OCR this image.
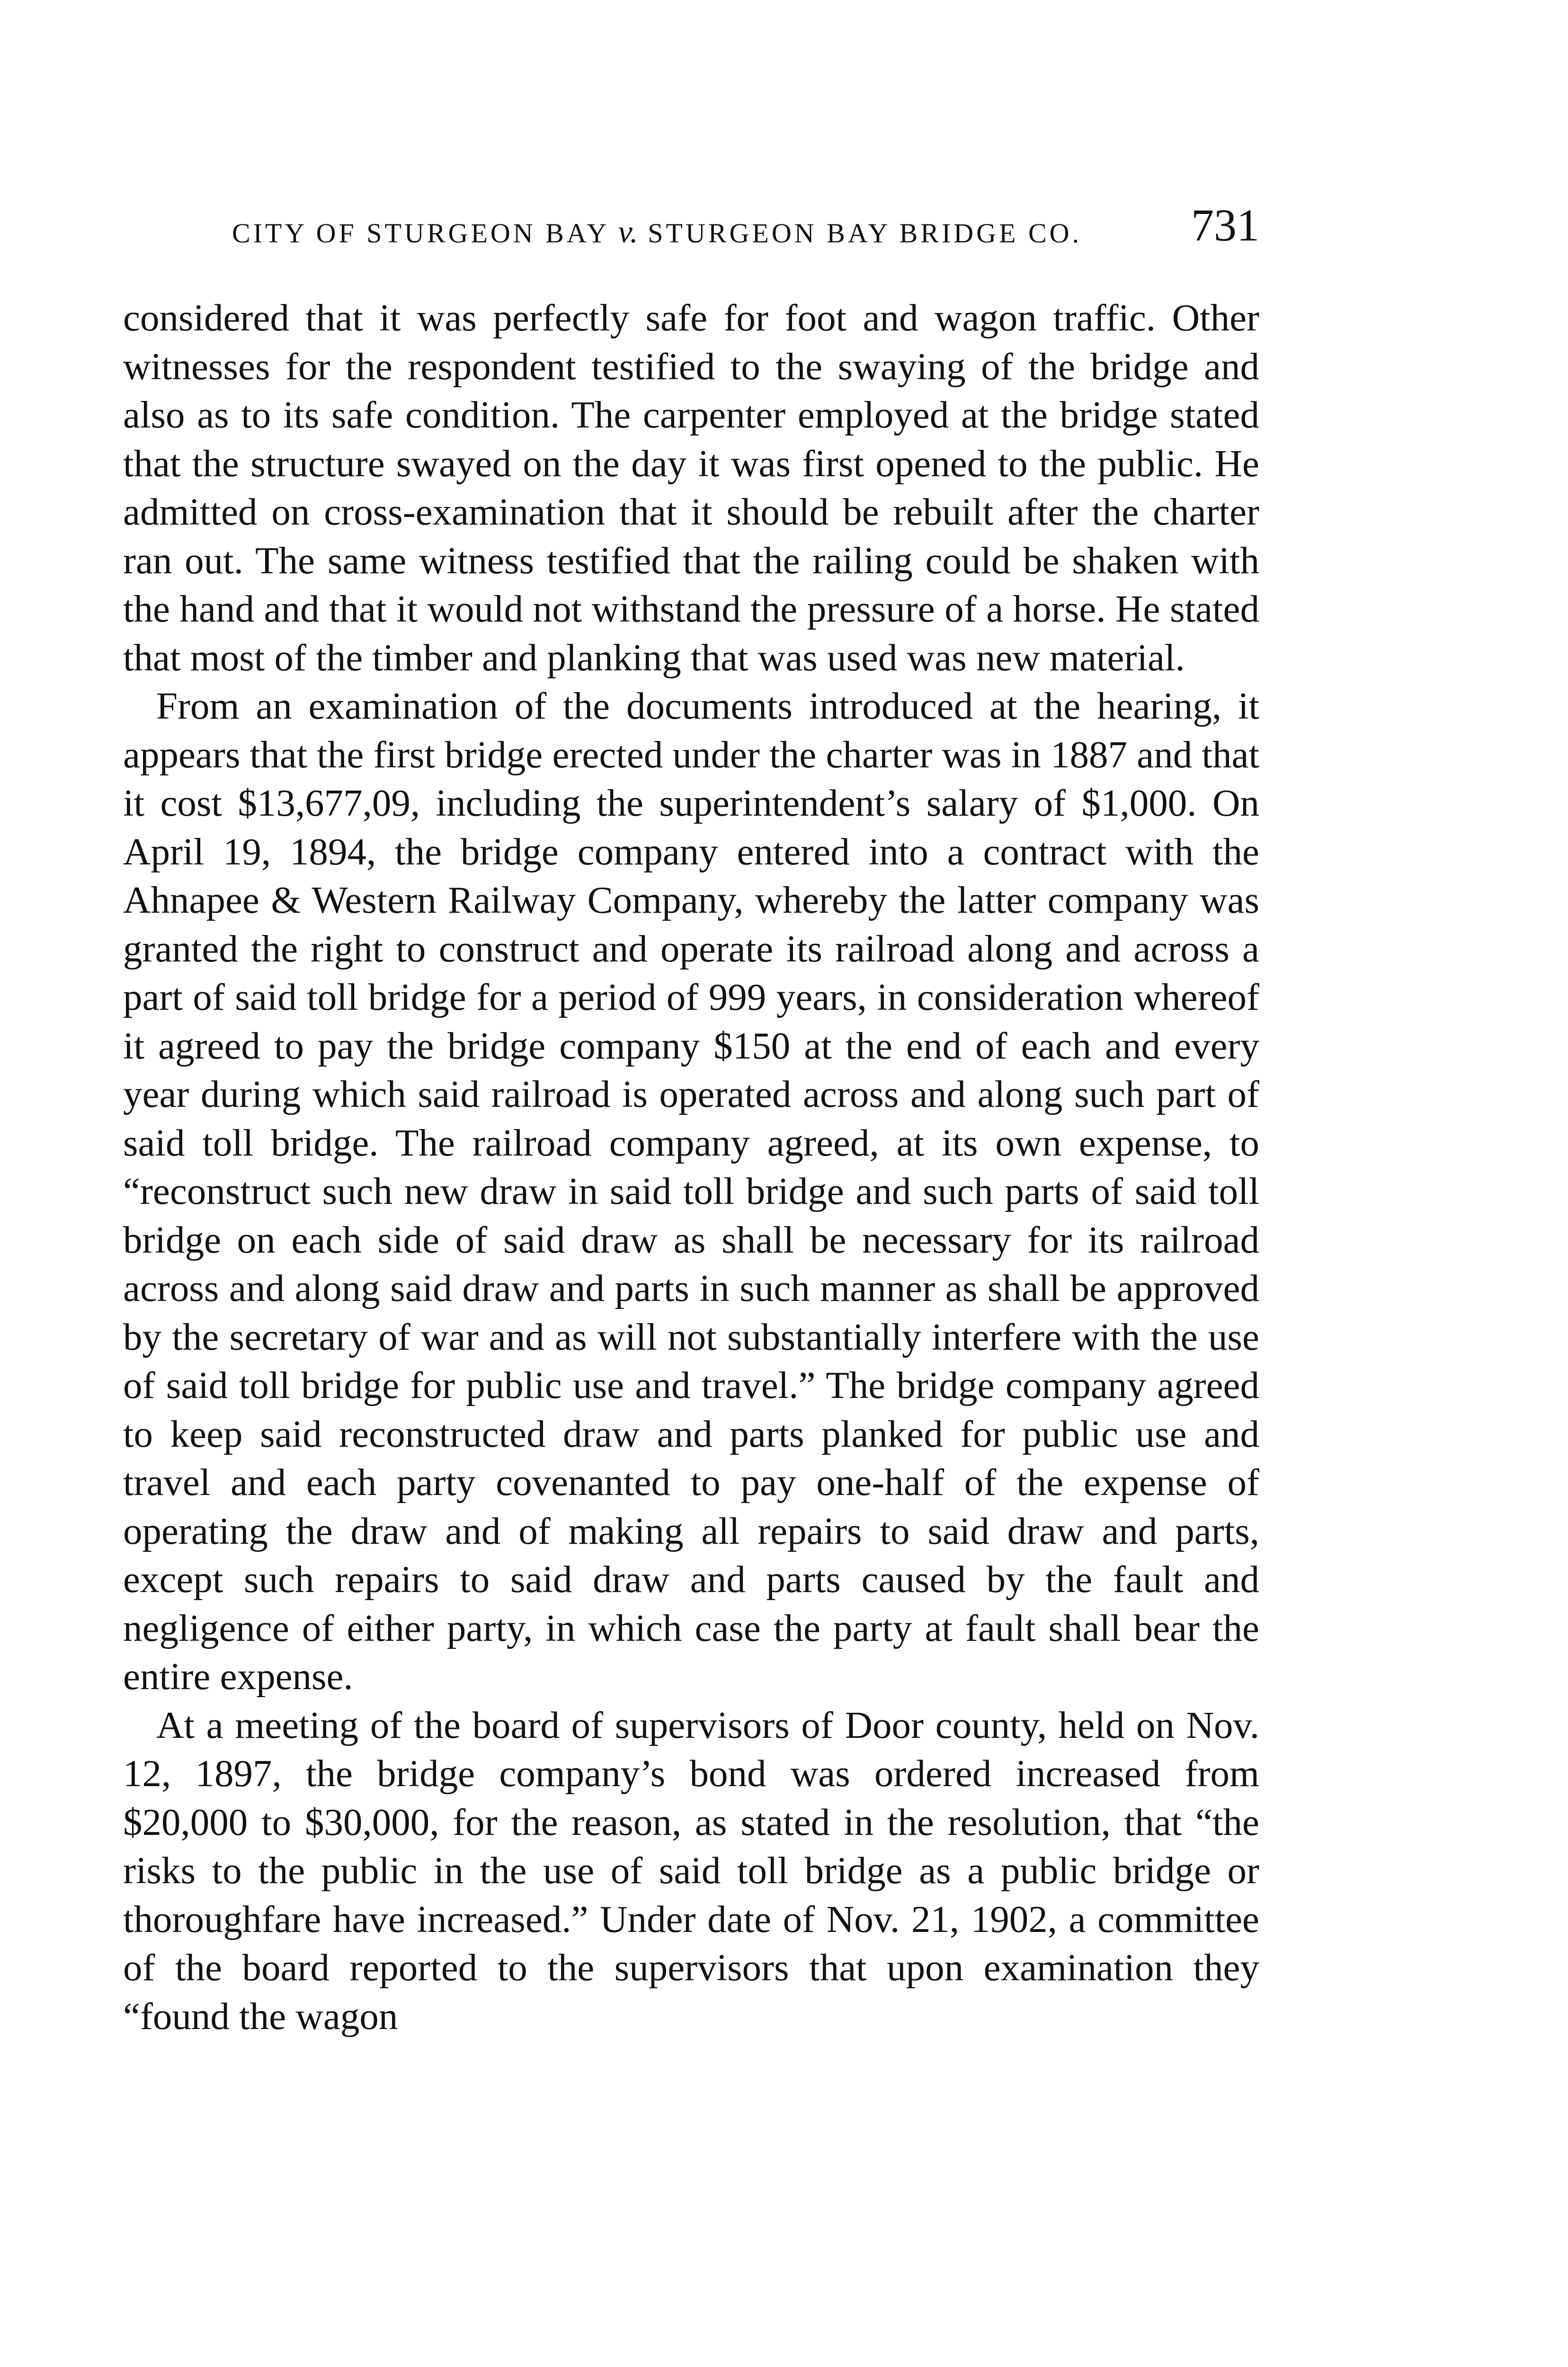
CITY OF STURGEON BAY v. STURGEON BAY BRIDGE CO. 731

considered that it was perfectly safe for foot and wagon traffic. Other witnesses for the respondent testified to the swaying of the bridge and also as to its safe condition. The carpenter employed at the bridge stated that the structure swayed on the day it was first opened to the public. He admitted on cross-examination that it should be rebuilt after the charter ran out. The same witness testified that the railing could be shaken with the hand and that it would not withstand the pressure of a horse. He stated that most of the timber and planking that was used was new material.

From an examination of the documents introduced at the hearing, it appears that the first bridge erected under the charter was in 1887 and that it cost $13,677,09, including the superintendent’s salary of $1,000. On April 19, 1894, the bridge company entered into a contract with the Ahnapee & Western Railway Company, whereby the latter company was granted the right to construct and operate its railroad along and across a part of said toll bridge for a period of 999 years, in consideration whereof it agreed to pay the bridge company $150 at the end of each and every year during which said railroad is operated across and along such part of said toll bridge. The railroad company agreed, at its own expense, to “reconstruct such new draw in said toll bridge and such parts of said toll bridge on each side of said draw as shall be necessary for its railroad across and along said draw and parts in such manner as shall be approved by the secretary of war and as will not substantially interfere with the use of said toll bridge for public use and travel.” The bridge company agreed to keep said reconstructed draw and parts planked for public use and travel and each party covenanted to pay one-half of the expense of operating the draw and of making all repairs to said draw and parts, except such repairs to said draw and parts caused by the fault and negligence of either party, in which case the party at fault shall bear the entire expense.

At a meeting of the board of supervisors of Door county, held on Nov. 12, 1897, the bridge company’s bond was ordered increased from $20,000 to $30,000, for the reason, as stated in the resolution, that “the risks to the public in the use of said toll bridge as a public bridge or thoroughfare have increased.” Under date of Nov. 21, 1902, a committee of the board reported to the supervisors that upon examination they “found the wagon
